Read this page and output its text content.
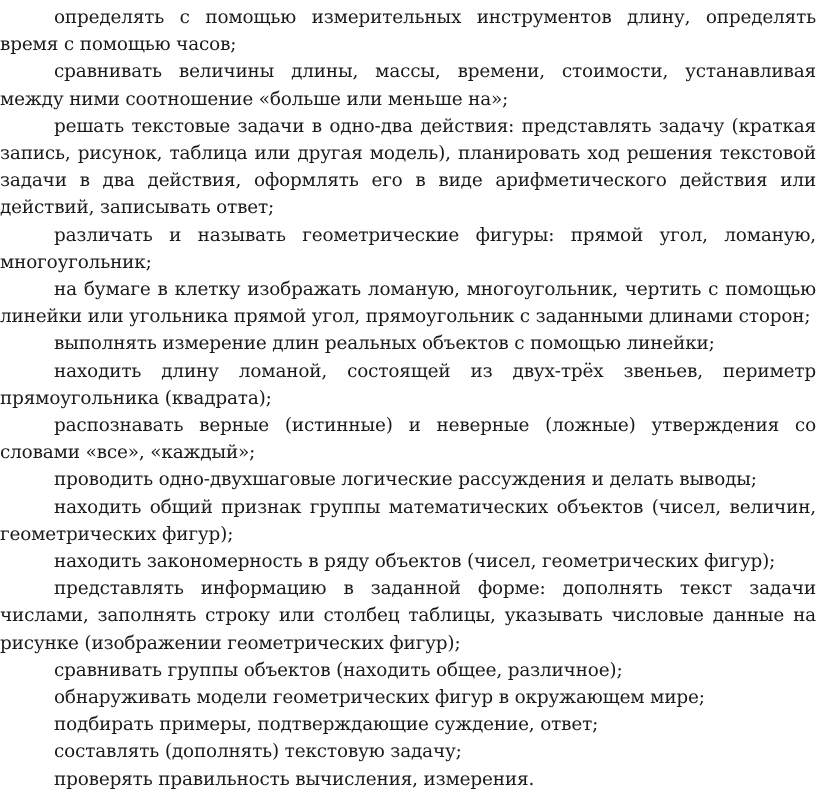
определять с помощью измерительных инструментов длину, определять время с помощью часов;

сравнивать величины длины, массы, времени, стоимости, устанавливая между ними соотношение «больше или меньше на»;

решать текстовые задачи в одно-два действия: представлять задачу (краткая запись, рисунок, таблица или другая модель), планировать ход решения текстовой задачи в два действия, оформлять его в виде арифметического действия или действий, записывать ответ;

различать и называть геометрические фигуры: прямой угол, ломаную, многоугольник;

на бумаге в клетку изображать ломаную, многоугольник, чертить с помощью линейки или угольника прямой угол, прямоугольник с заданными длинами сторон;

выполнять измерение длин реальных объектов с помощью линейки;

находить длину ломаной, состоящей из двух-трёх звеньев, периметр прямоугольника (квадрата);

распознавать верные (истинные) и неверные (ложные) утверждения со словами «все», «каждый»;

проводить одно-двухшаговые логические рассуждения и делать выводы;

находить общий признак группы математических объектов (чисел, величин, геометрических фигур);

находить закономерность в ряду объектов (чисел, геометрических фигур);

представлять информацию в заданной форме: дополнять текст задачи числами, заполнять строку или столбец таблицы, указывать числовые данные на рисунке (изображении геометрических фигур);

сравнивать группы объектов (находить общее, различное);

обнаруживать модели геометрических фигур в окружающем мире;

подбирать примеры, подтверждающие суждение, ответ;

составлять (дополнять) текстовую задачу;

проверять правильность вычисления, измерения.
